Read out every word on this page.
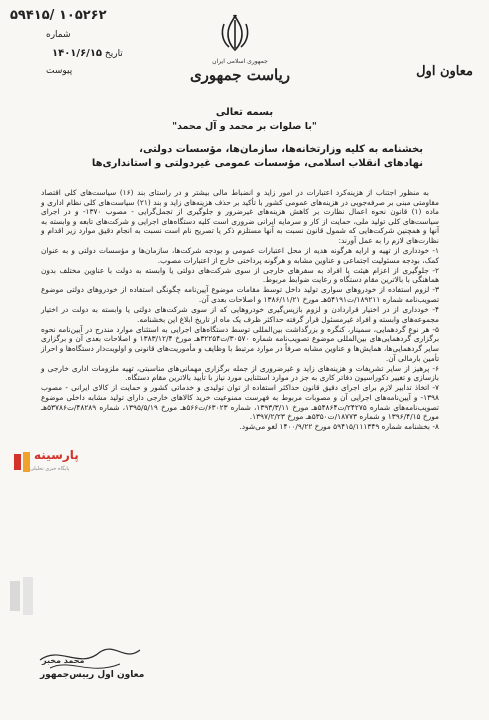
۵۹۴۱۵/ ۱۰۵۲۶۲
شماره
تاریخ ۱۴۰۱/۶/۱۵
پیوست
جمهوری اسلامی ایران
ریاست جمهوری	معاون اول
بسمه تعالی
"با صلوات بر محمد و آل محمد"
بخشنامه به کلیه وزارتخانه‌ها، سازمان‌ها، مؤسسات دولتی،
نهادهای انقلاب اسلامی، مؤسسات عمومی غیردولتی و استانداری‌ها

به منظور اجتناب از هزینه‌کرد اعتبارات در امور زاید و انضباط مالی بیشتر و در راستای بند (۱۶) سیاست‌های کلی اقتصاد مقاومتی مبنی بر صرفه‌جویی در هزینه‌های عمومی کشور با تأکید بر حذف هزینه‌های زاید و بند (۲۱) سیاست‌های کلی نظام اداری و ماده (۱) قانون نحوه اعمال نظارت بر کاهش هزینه‌های غیرضرور و جلوگیری از تجمل‌گرایی - مصوب ۱۳۷۰- و در اجرای سیاست‌های کلی تولید ملی، حمایت از کار و سرمایه ایرانی ضروری است کلیه دستگاه‌های اجرایی و شرکت‌های تابعه و وابسته به آنها و همچنین شرکت‌هایی که شمول قانون نسبت به آنها مستلزم ذکر یا تصریح نام است نسبت به انجام دقیق موارد زیر اقدام و نظارت‌های لازم را به عمل آورند:

۱- خودداری از تهیه و ارایه هرگونه هدیه از محل اعتبارات عمومی و بودجه شرکت‌ها، سازمان‌ها و مؤسسات دولتی و به عنوان کمک، بودجه مسئولیت اجتماعی و عناوین مشابه و هرگونه پرداختی خارج از اعتبارات مصوب.

۲- جلوگیری از اعزام هیئت یا افراد به سفرهای خارجی از سوی شرکت‌های دولتی یا وابسته به دولت با عناوین مختلف بدون هماهنگی با بالاترین مقام دستگاه و رعایت ضوابط مربوط.

۳- لزوم استفاده از خودروهای سواری تولید داخل توسط مقامات موضوع آیین‌نامه چگونگی استفاده از خودروهای دولتی موضوع تصویب‌نامه شماره ۱۸۹۲۱۱/ت۵۴۱۹۱هـ مورخ ۱۳۸۶/۱۱/۲۱ و اصلاحات بعدی آن.

۴- خودداری از در اختیار قراردادن و لزوم بازپس‌گیری خودروهایی که از سوی شرکت‌های دولتی یا وابسته به دولت در اختیار مجموعه‌های وابسته و افراد غیرمسئول قرار گرفته حداکثر ظرف یک ماه از تاریخ ابلاغ این بخشنامه.

۵- هر نوع گردهمایی، سمینار، کنگره و بزرگداشت بین‌المللی توسط دستگاه‌های اجرایی به استثنای موارد مندرج در آیین‌نامه نحوه برگزاری گردهمایی‌های بین‌المللی موضوع تصویب‌نامه شماره ۳۰۵۷۰/ت۳۲۲۵۴هـ مورخ ۱۳۸۳/۱۲/۴ و اصلاحات بعدی آن و برگزاری سایر گردهمایی‌ها، همایش‌ها و عناوین مشابه صرفاً در موارد مرتبط با وظایف و مأموریت‌های قانونی و اولویت‌دار دستگاه‌ها و احراز تأمین بارمالی آن.

۶- پرهیز از سایر تشریفات و هزینه‌های زاید و غیرضروری از جمله برگزاری مهمانی‌های مناسبتی، تهیه ملزومات اداری خارجی و بازسازی و تغییر دکوراسیون دفاتر کاری به جز در موارد استثنایی مورد نیاز با تأیید بالاترین مقام دستگاه.

۷- اتخاذ تدابیر لازم برای اجرای دقیق قانون حداکثر استفاده از توان تولیدی و خدماتی کشور و حمایت از کالای ایرانی - مصوب ۱۳۹۸- و آیین‌نامه‌های اجرایی آن و مصوبات مربوط به فهرست ممنوعیت خرید کالاهای خارجی دارای تولید مشابه داخلی موضوع تصویب‌نامه‌های شماره ۲۴۲۷۵/ت۵۴۸۶۴هـ مورخ ۱۳۹۳/۳/۱۱، شماره ۶۳۰۲۳/ت۵۶۶هـ مورخ ۱۳۹۵/۵/۱۹، شماره ۴۸۲۸۹/ت۵۳۷۸۶هـ مورخ ۱۳۹۶/۴/۱۵ و شماره ۱۸۷۷۳/ت۵۳۵۰هـ مورخ ۱۳۹۷/۲/۲۳.

۸- بخشنامه شماره ۵۹۴۱۵/۱۱۱۳۴۹ مورخ ۱۴۰۰/۹/۲۲ لغو می‌شود.

پارسینه
پایگاه خبری تحلیلی
محمد مخبر
معاون اول رییس‌جمهور
